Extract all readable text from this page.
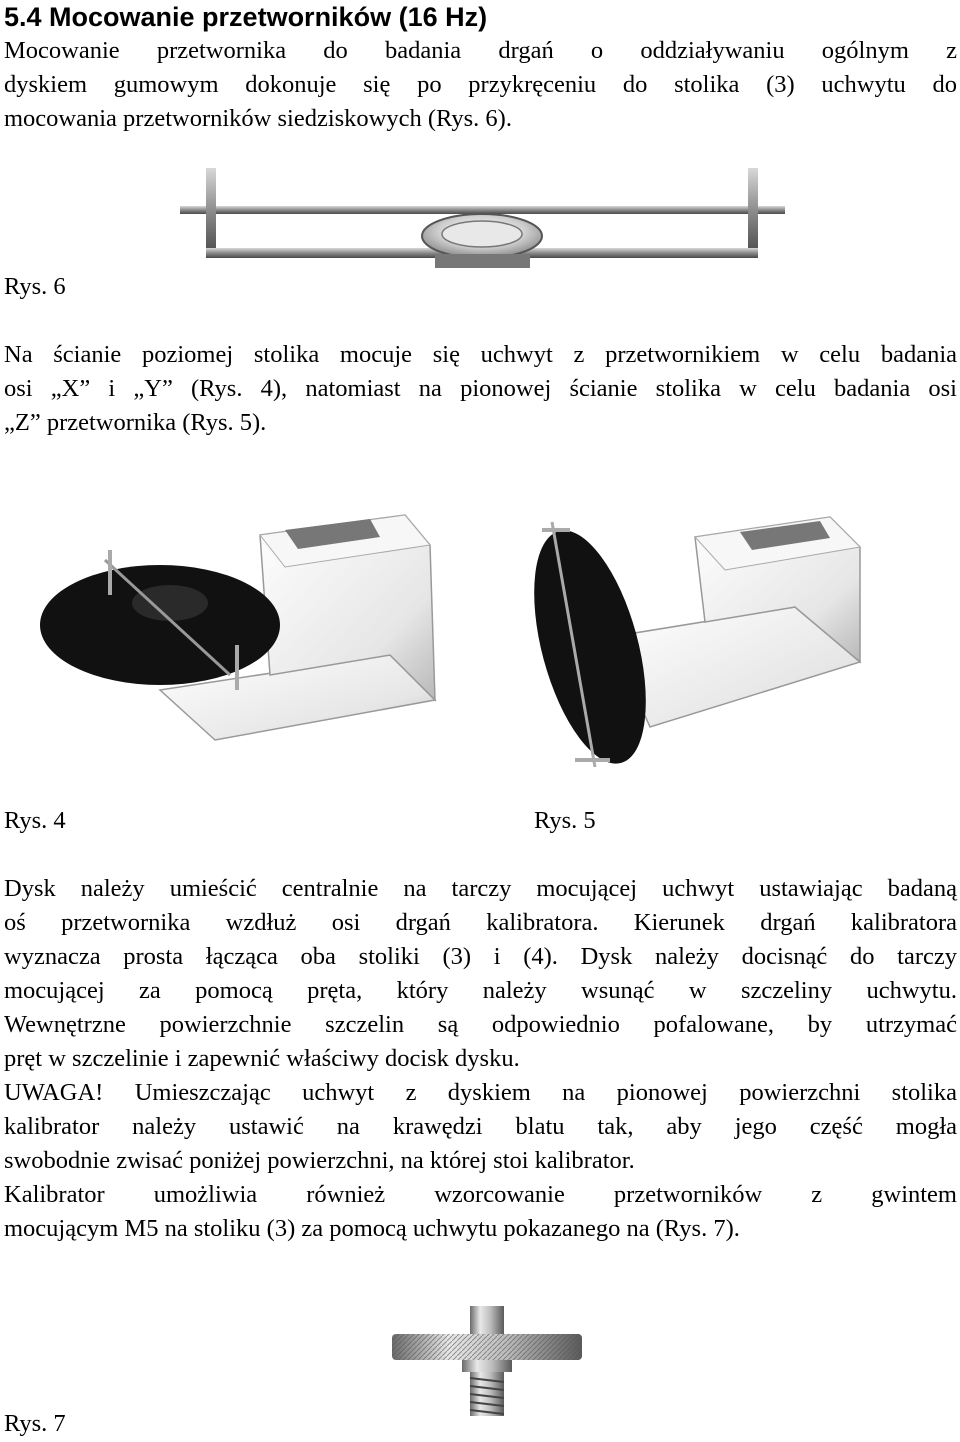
5.4 Mocowanie przetworników (16 Hz)
Mocowanie przetwornika do badania drgań o oddziaływaniu ogólnym z
dyskiem gumowym dokonuje się po przykręceniu do stolika (3) uchwytu do
mocowania przetworników siedziskowych (Rys. 6).
Rys. 6
Na ścianie poziomej stolika mocuje się uchwyt z przetwornikiem w celu badania
osi „X” i „Y” (Rys. 4), natomiast na pionowej ścianie stolika w celu badania osi
„Z” przetwornika (Rys. 5).
Rys. 4	Rys. 5
Dysk należy umieścić centralnie na tarczy mocującej uchwyt ustawiając badaną
oś przetwornika wzdłuż osi drgań kalibratora. Kierunek drgań kalibratora
wyznacza prosta łącząca oba stoliki (3) i (4). Dysk należy docisnąć do tarczy
mocującej za pomocą pręta, który należy wsunąć w szczeliny uchwytu.
Wewnętrzne powierzchnie szczelin są odpowiednio pofalowane, by utrzymać
pręt w szczelinie i zapewnić właściwy docisk dysku.
UWAGA! Umieszczając uchwyt z dyskiem na pionowej powierzchni stolika
kalibrator należy ustawić na krawędzi blatu tak, aby jego część mogła
swobodnie zwisać poniżej powierzchni, na której stoi kalibrator.
Kalibrator umożliwia również wzorcowanie przetworników z gwintem
mocującym M5 na stoliku (3) za pomocą uchwytu pokazanego na (Rys. 7).
Rys. 7
